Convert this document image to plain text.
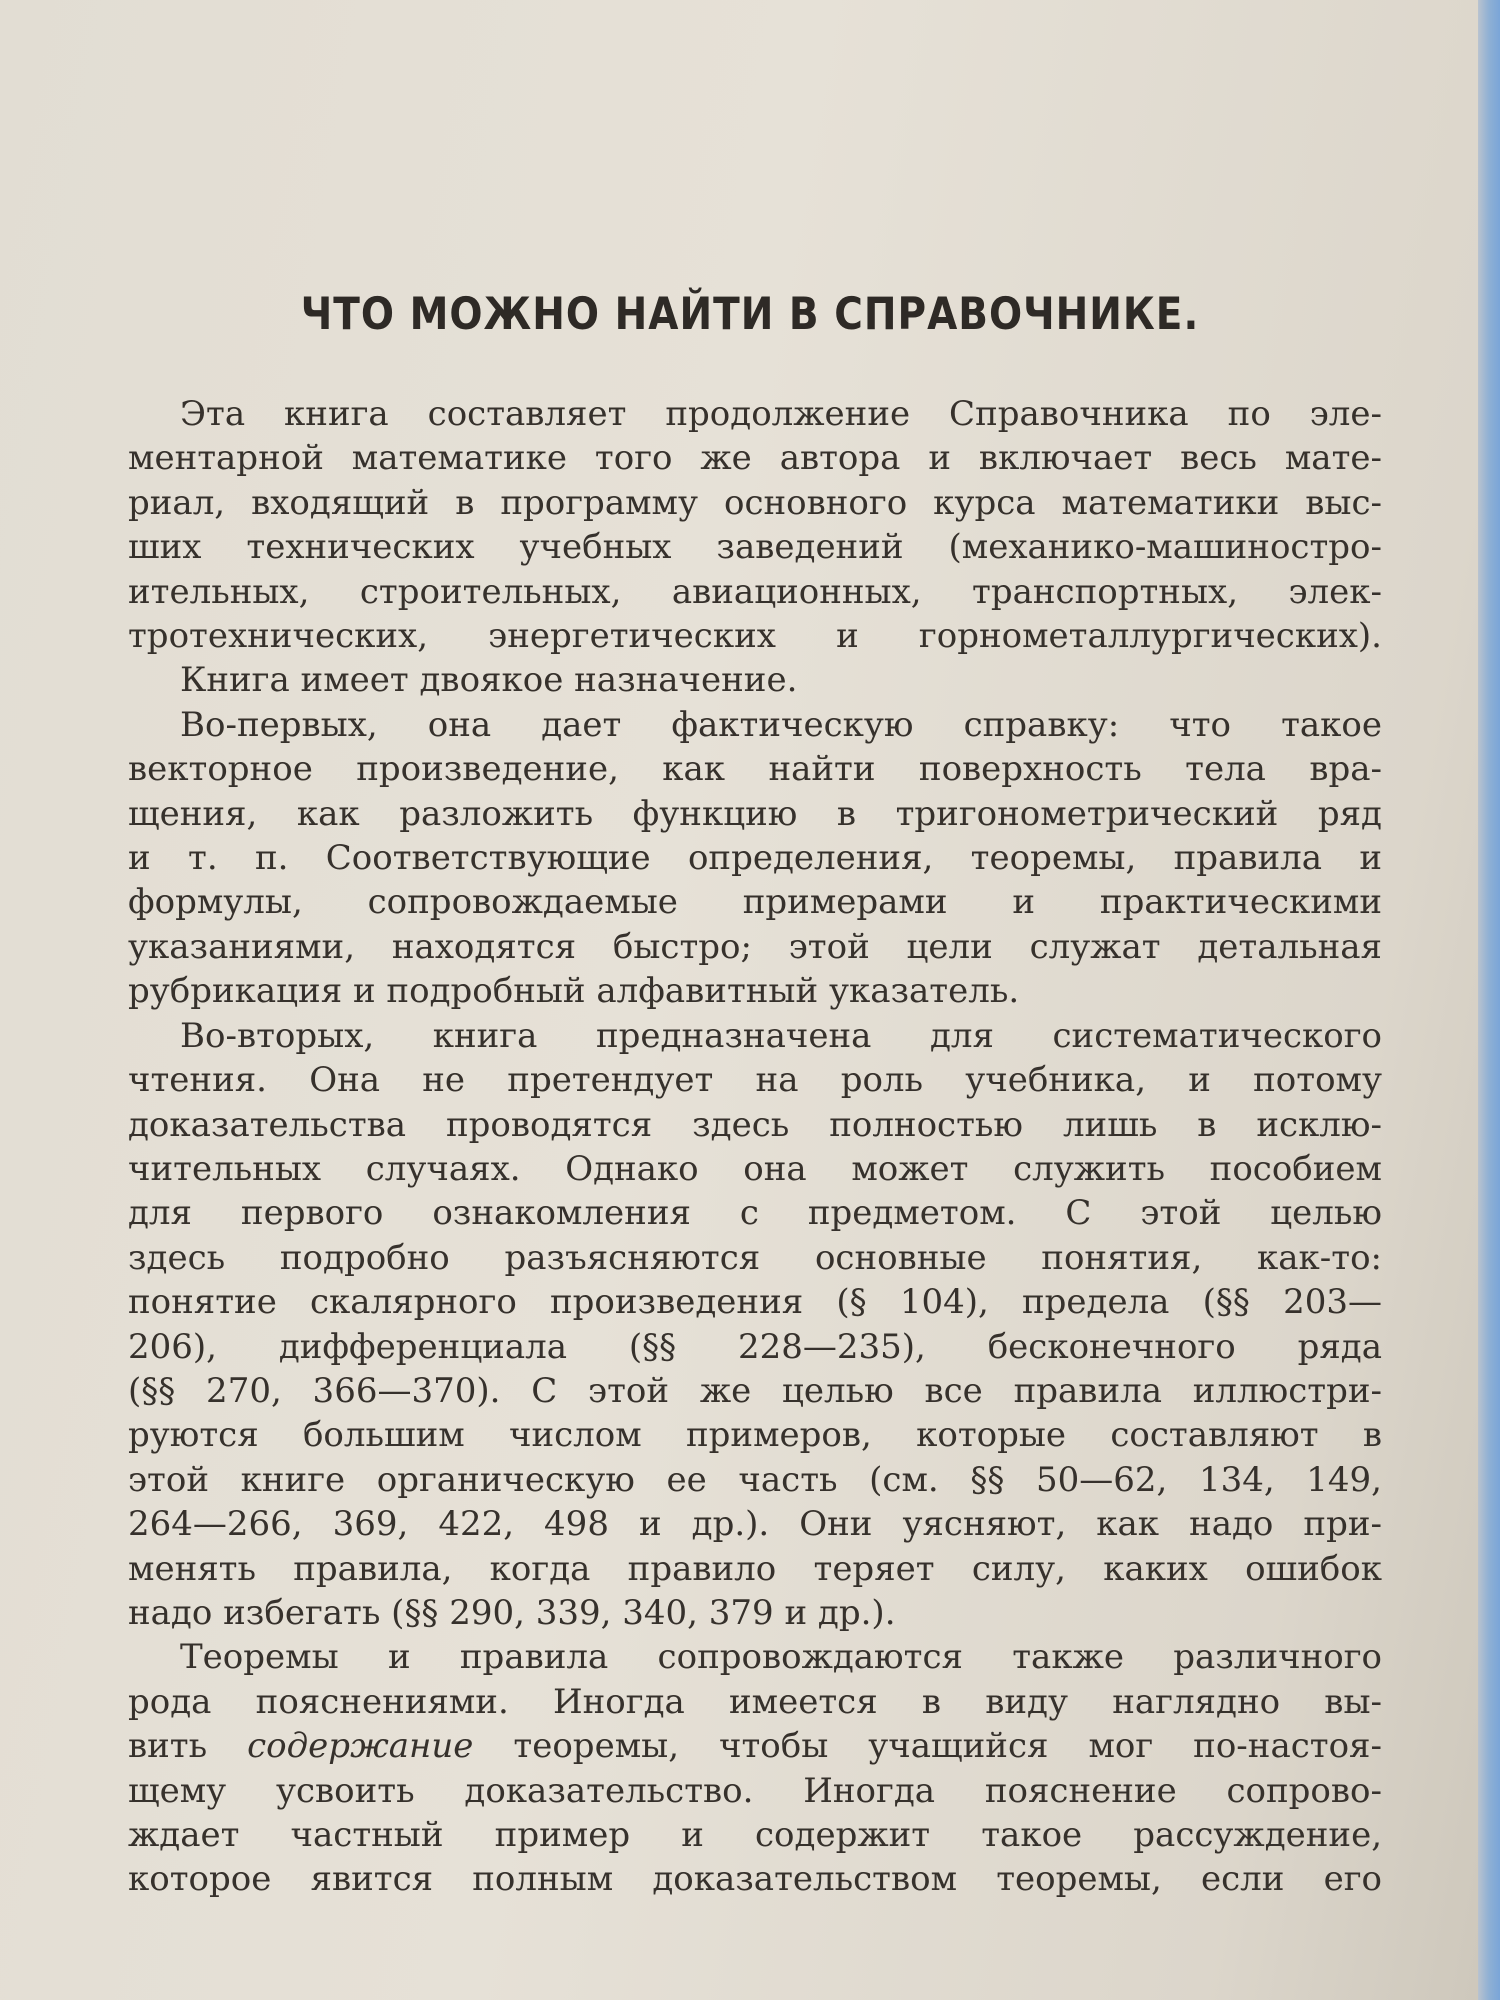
ЧТО МОЖНО НАЙТИ В СПРАВОЧНИКЕ.

Эта книга составляет продолжение Справочника по эле-
ментарной математике того же автора и включает весь мате-
риал, входящий в программу основного курса математики выс-
ших технических учебных заведений (механико-машиностро-
ительных, строительных, авиационных, транспортных, элек-
тротехнических, энергетических и горнометаллургических).

Книга имеет двоякое назначение.

Во-первых, она дает фактическую справку: что такое
векторное произведение, как найти поверхность тела вра-
щения, как разложить функцию в тригонометрический ряд
и т. п. Соответствующие определения, теоремы, правила и
формулы, сопровождаемые примерами и практическими
указаниями, находятся быстро; этой цели служат детальная
рубрикация и подробный алфавитный указатель.

Во-вторых, книга предназначена для систематического
чтения. Она не претендует на роль учебника, и потому
доказательства проводятся здесь полностью лишь в исклю-
чительных случаях. Однако она может служить пособием
для первого ознакомления с предметом. С этой целью
здесь подробно разъясняются основные понятия, как-то:
понятие скалярного произведения (§ 104), предела (§§ 203—
206), дифференциала (§§ 228—235), бесконечного ряда
(§§ 270, 366—370). С этой же целью все правила иллюстри-
руются большим числом примеров, которые составляют в
этой книге органическую ее часть (см. §§ 50—62, 134, 149,
264—266, 369, 422, 498 и др.). Они уясняют, как надо при-
менять правила, когда правило теряет силу, каких ошибок
надо избегать (§§ 290, 339, 340, 379 и др.).

Теоремы и правила сопровождаются также различного
рода пояснениями. Иногда имеется в виду наглядно вы-
вить содержание теоремы, чтобы учащийся мог по-настоя-
щему усвоить доказательство. Иногда пояснение сопрово-
ждает частный пример и содержит такое рассуждение,
которое явится полным доказательством теоремы, если его
